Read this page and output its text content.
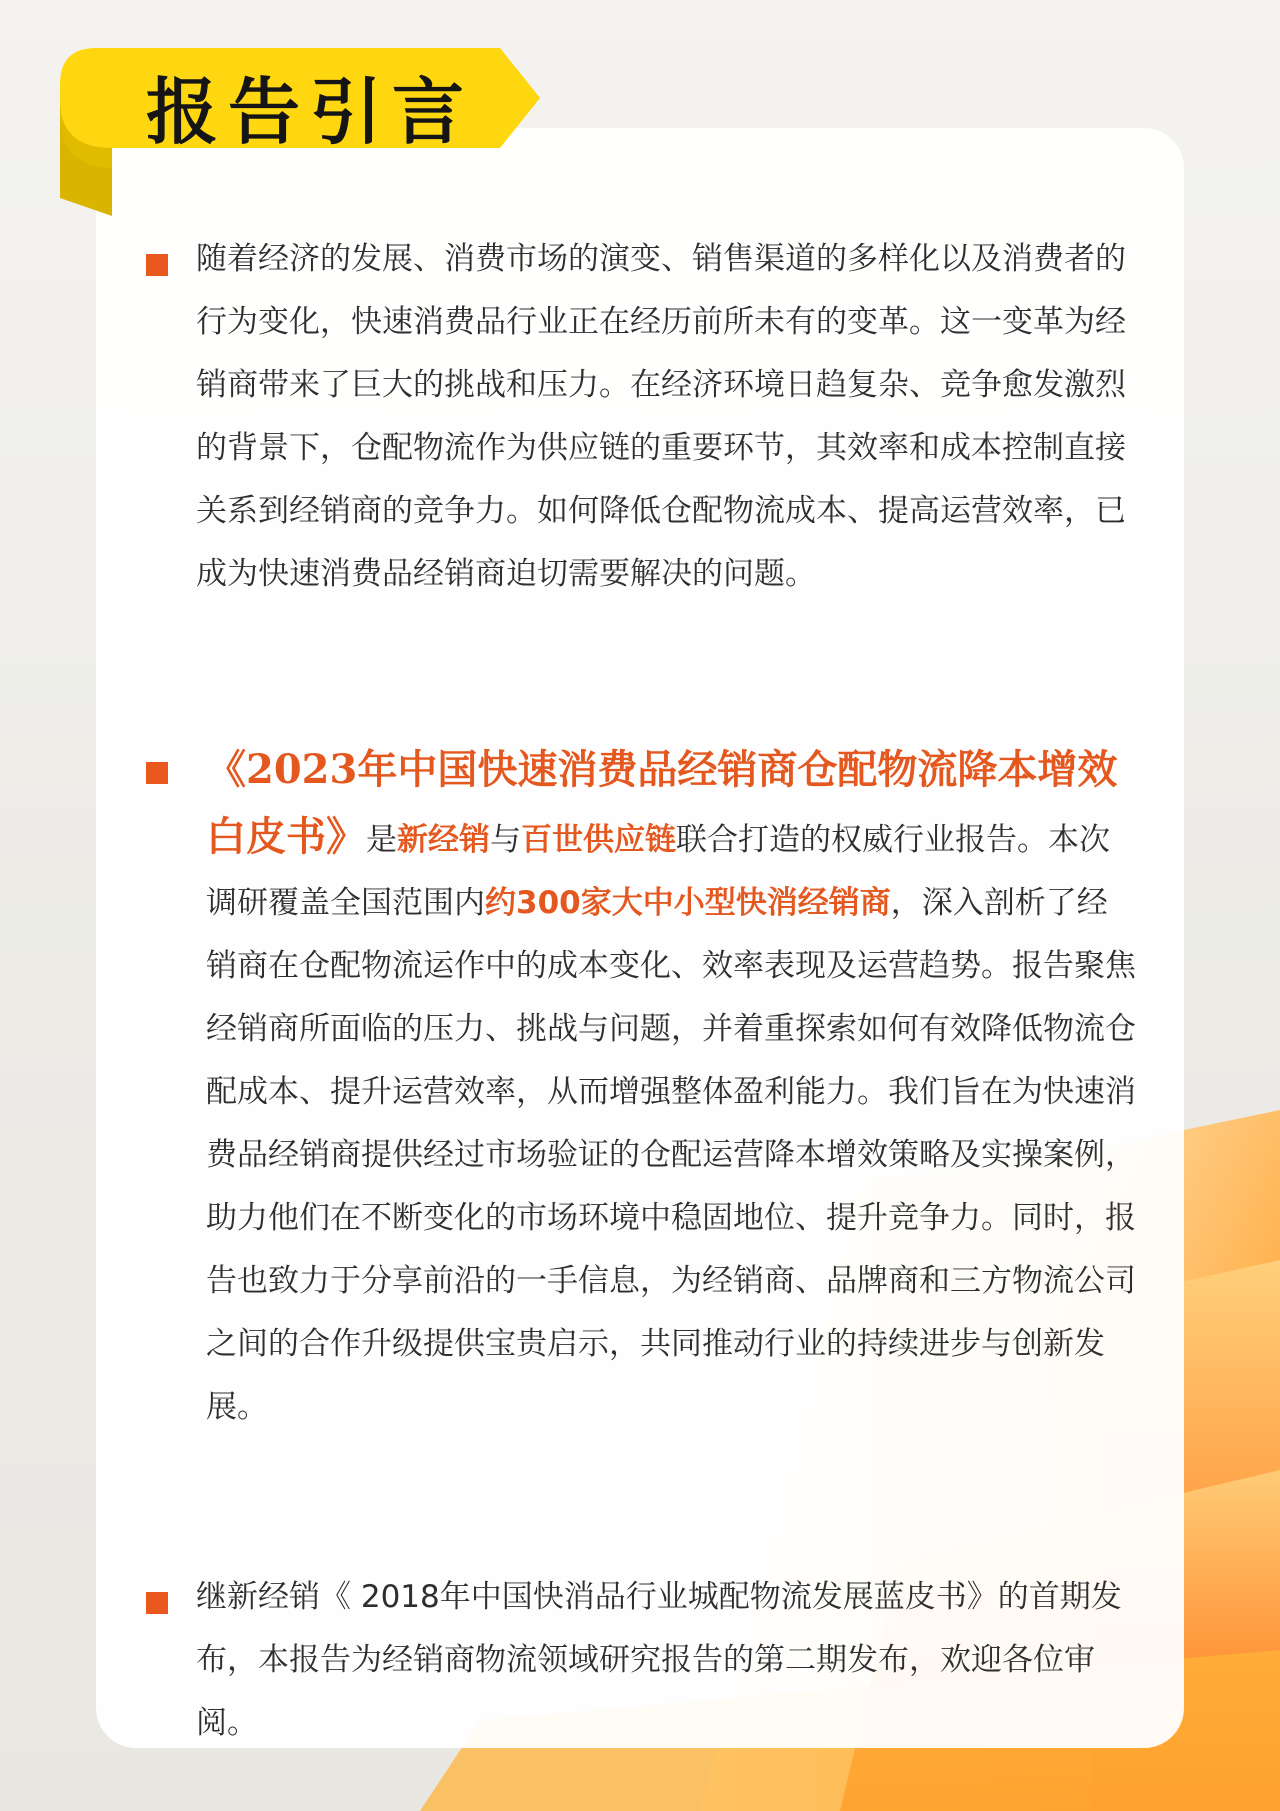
报告引言

随着经济的发展、消费市场的演变、销售渠道的多样化以及消费者的行为变化，快速消费品行业正在经历前所未有的变革。这一变革为经销商带来了巨大的挑战和压力。在经济环境日趋复杂、竞争愈发激烈的背景下，仓配物流作为供应链的重要环节，其效率和成本控制直接关系到经销商的竞争力。如何降低仓配物流成本、提高运营效率，已成为快速消费品经销商迫切需要解决的问题。

《2023年中国快速消费品经销商仓配物流降本增效白皮书》是新经销与百世供应链联合打造的权威行业报告。本次调研覆盖全国范围内约300家大中小型快消经销商，深入剖析了经销商在仓配物流运作中的成本变化、效率表现及运营趋势。报告聚焦经销商所面临的压力、挑战与问题，并着重探索如何有效降低物流仓配成本、提升运营效率，从而增强整体盈利能力。我们旨在为快速消费品经销商提供经过市场验证的仓配运营降本增效策略及实操案例，助力他们在不断变化的市场环境中稳固地位、提升竞争力。同时，报告也致力于分享前沿的一手信息，为经销商、品牌商和三方物流公司之间的合作升级提供宝贵启示，共同推动行业的持续进步与创新发展。

继新经销《 2018年中国快消品行业城配物流发展蓝皮书》的首期发布，本报告为经销商物流领域研究报告的第二期发布，欢迎各位审阅。
